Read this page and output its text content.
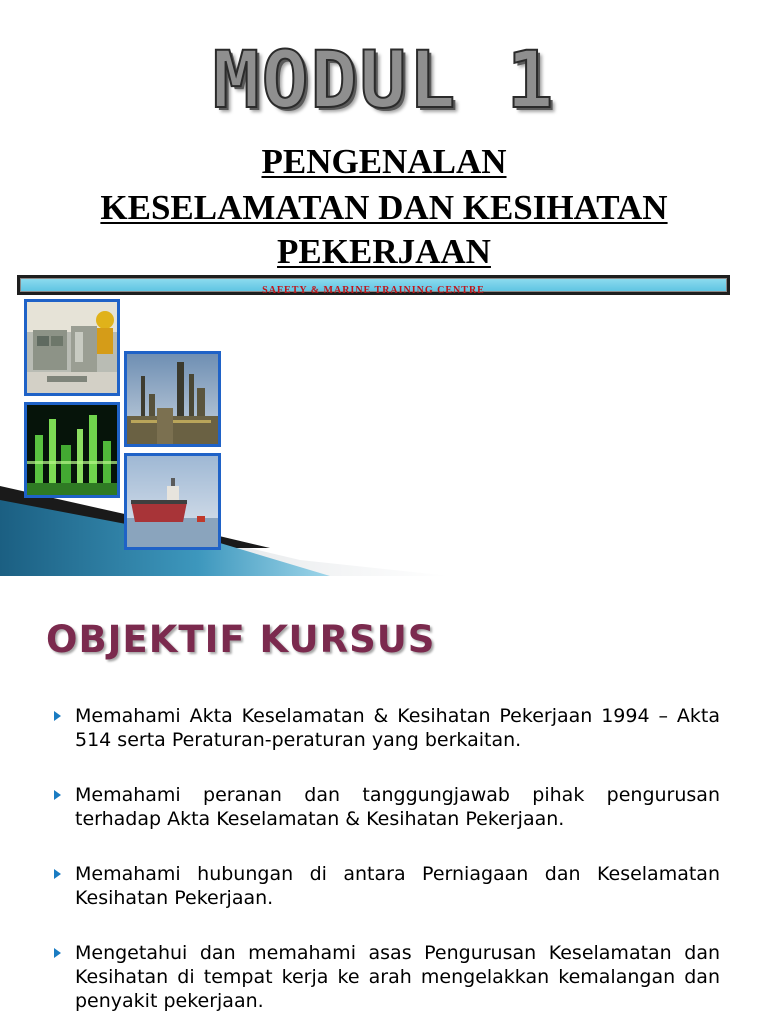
MODUL 1
PENGENALAN
KESELAMATAN DAN KESIHATAN
PEKERJAAN
SAFETY & MARINE TRAINING CENTRE
OBJEKTIF KURSUS
Memahami Akta Keselamatan & Kesihatan Pekerjaan 1994 – Akta 514 serta Peraturan-peraturan yang berkaitan.
Memahami peranan dan tanggungjawab pihak pengurusan terhadap Akta Keselamatan & Kesihatan Pekerjaan.
Memahami hubungan di antara Perniagaan dan Keselamatan Kesihatan Pekerjaan.
Mengetahui dan memahami asas Pengurusan Keselamatan dan Kesihatan di tempat kerja ke arah mengelakkan kemalangan dan penyakit pekerjaan.
